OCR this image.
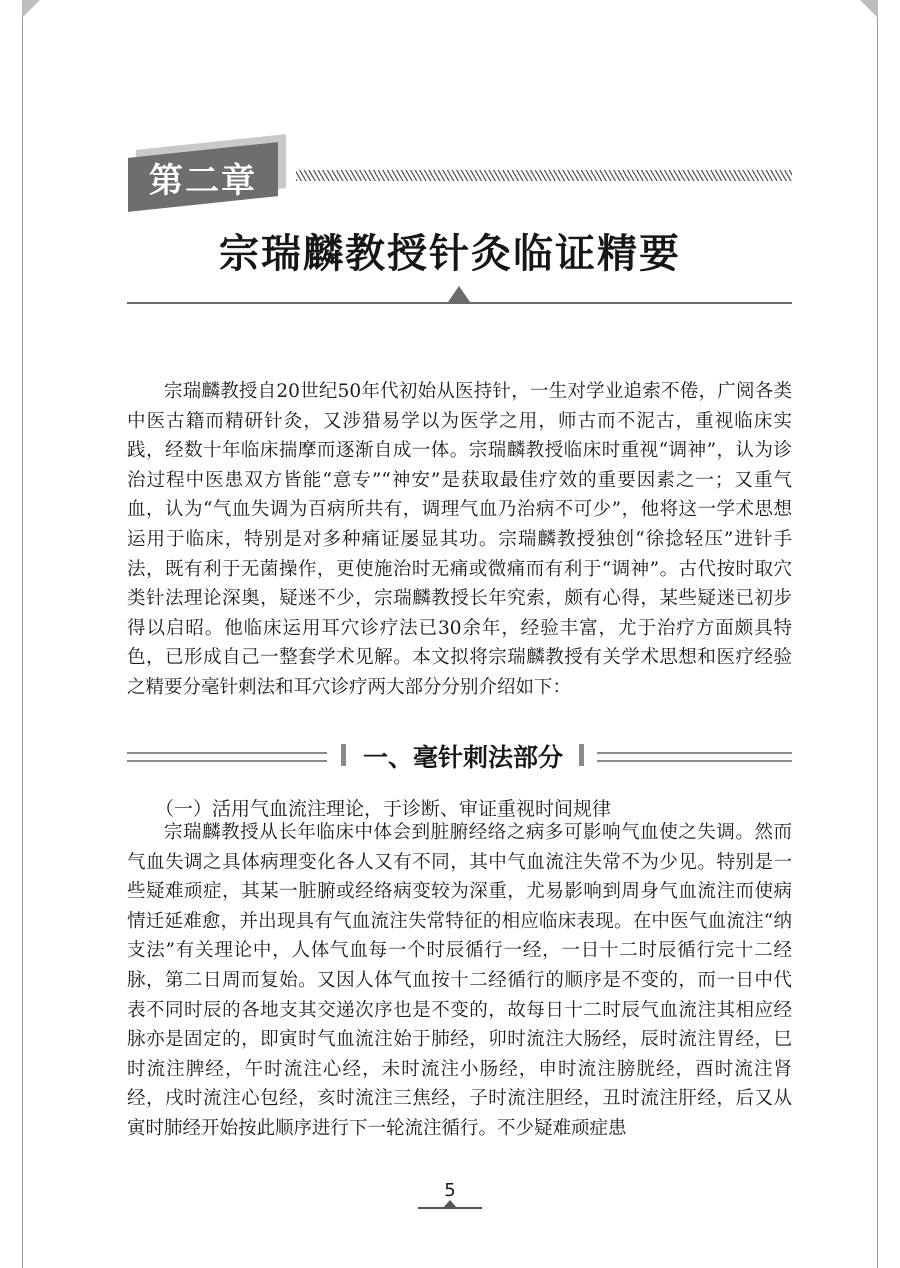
第二章
宗瑞麟教授针灸临证精要

宗瑞麟教授自20世纪50年代初始从医持针，一生对学业追索不倦，广阅各类中医古籍而精研针灸，又涉猎易学以为医学之用，师古而不泥古，重视临床实践，经数十年临床揣摩而逐渐自成一体。宗瑞麟教授临床时重视“调神”，认为诊治过程中医患双方皆能“意专”“神安”是获取最佳疗效的重要因素之一；又重气血，认为“气血失调为百病所共有，调理气血乃治病不可少”，他将这一学术思想运用于临床，特别是对多种痛证屡显其功。宗瑞麟教授独创“徐捻轻压”进针手法，既有利于无菌操作，更使施治时无痛或微痛而有利于“调神”。古代按时取穴类针法理论深奥，疑迷不少，宗瑞麟教授长年究索，颇有心得，某些疑迷已初步得以启昭。他临床运用耳穴诊疗法已30余年，经验丰富，尤于治疗方面颇具特色，已形成自己一整套学术见解。本文拟将宗瑞麟教授有关学术思想和医疗经验之精要分毫针刺法和耳穴诊疗两大部分分别介绍如下：

一、毫针刺法部分
（一）活用气血流注理论，于诊断、审证重视时间规律

宗瑞麟教授从长年临床中体会到脏腑经络之病多可影响气血使之失调。然而气血失调之具体病理变化各人又有不同，其中气血流注失常不为少见。特别是一些疑难顽症，其某一脏腑或经络病变较为深重，尤易影响到周身气血流注而使病情迁延难愈，并出现具有气血流注失常特征的相应临床表现。在中医气血流注“纳支法”有关理论中，人体气血每一个时辰循行一经，一日十二时辰循行完十二经脉，第二日周而复始。又因人体气血按十二经循行的顺序是不变的，而一日中代表不同时辰的各地支其交递次序也是不变的，故每日十二时辰气血流注其相应经脉亦是固定的，即寅时气血流注始于肺经，卯时流注大肠经，辰时流注胃经，巳时流注脾经，午时流注心经，未时流注小肠经，申时流注膀胱经，酉时流注肾经，戌时流注心包经，亥时流注三焦经，子时流注胆经，丑时流注肝经，后又从寅时肺经开始按此顺序进行下一轮流注循行。不少疑难顽症患

5
